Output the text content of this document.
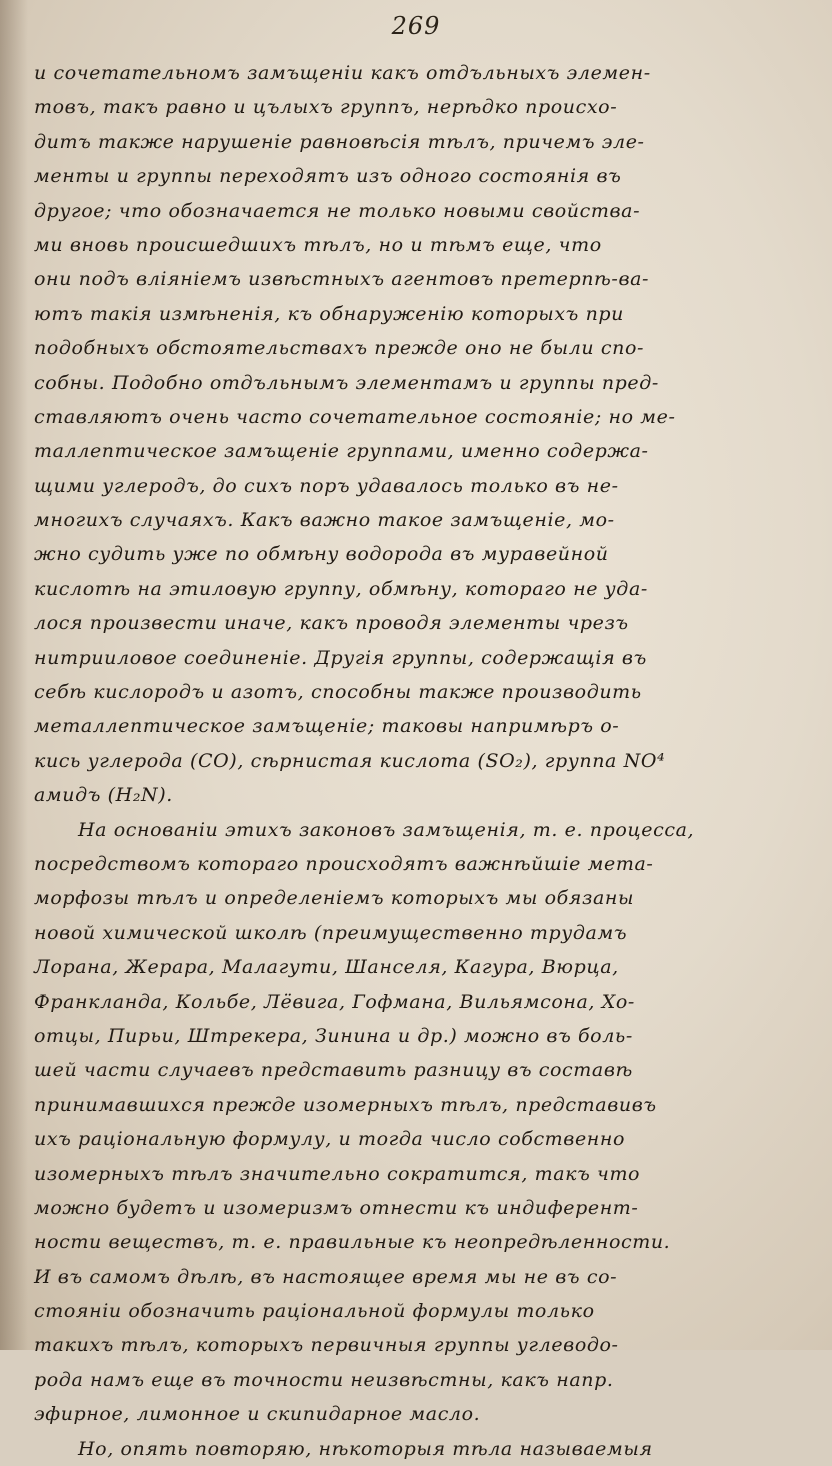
269
и сочетательномъ замъщенiи какъ отдъльныхъ элемен-
товъ, такъ равно и цълыхъ группъ, нерѣдко происхо-
дитъ также нарушенiе равновѣсiя тѣлъ, причемъ эле-
менты и группы переходятъ изъ одного состоянiя въ
другое; что обозначается не только новыми свойства-
ми вновь происшедшихъ тѣлъ, но и тѣмъ еще, что
они подъ влiянiемъ извѣстныхъ агентовъ претерпѣ-ва-
ютъ такiя измѣненiя, къ обнаруженiю которыхъ при
подобныхъ обстоятельствахъ прежде оно не были спо-
собны. Подобно отдъльнымъ элементамъ и группы пред-
ставляютъ очень часто сочетательное состоянiе; но ме-
таллептическое замъщенiе группами, именно содержа-
щими углеродъ, до сихъ поръ удавалось только въ не-
многихъ случаяхъ. Какъ важно такое замъщенiе, мо-
жно судить уже по обмѣну водорода въ муравейной
кислотѣ на этиловую группу, обмѣну, котораго не уда-
лося произвести иначе, какъ проводя элементы чрезъ
нитрииловое соединенiе. Другiя группы, содержащiя въ
себѣ кислородъ и азотъ, способны также производить
металлептическое замъщенiе; таковы напримѣръ о-
кись углерода (CO), сѣрнистая кислота (SO₂), группа NO⁴
амидъ (H₂N).
На основанiи этихъ законовъ замъщенiя, т. е. процесса,
посредствомъ котораго происходятъ важнѣйшiе мета-
морфозы тѣлъ и определенiемъ которыхъ мы обязаны
новой химической школѣ (преимущественно трудамъ
Лорана, Жерара, Малагути, Шанселя, Кагура, Вюрца,
Франкланда, Кольбе, Лёвига, Гофмана, Вильямсона, Хо-
отцы, Пирьи, Штрекера, Зинина и др.) можно въ боль-
шей части случаевъ представить разницу въ составѣ
принимавшихся прежде изомерныхъ тѣлъ, представивъ
ихъ рацiональную формулу, и тогда число собственно
изомерныхъ тѣлъ значительно сократится, такъ что
можно будетъ и изомеризмъ отнести къ индиферент-
ности веществъ, т. е. правильные къ неопредѣленности.
И въ самомъ дѣлѣ, въ настоящее время мы не въ со-
стоянiи обозначить рацiональной формулы только
такихъ тѣлъ, которыхъ первичныя группы углеводо-
рода намъ еще въ точности неизвѣстны, какъ напр.
эфирное, лимонное и скипидарное масло.
Но, опять повторяю, нѣкоторыя тѣла называемыя
